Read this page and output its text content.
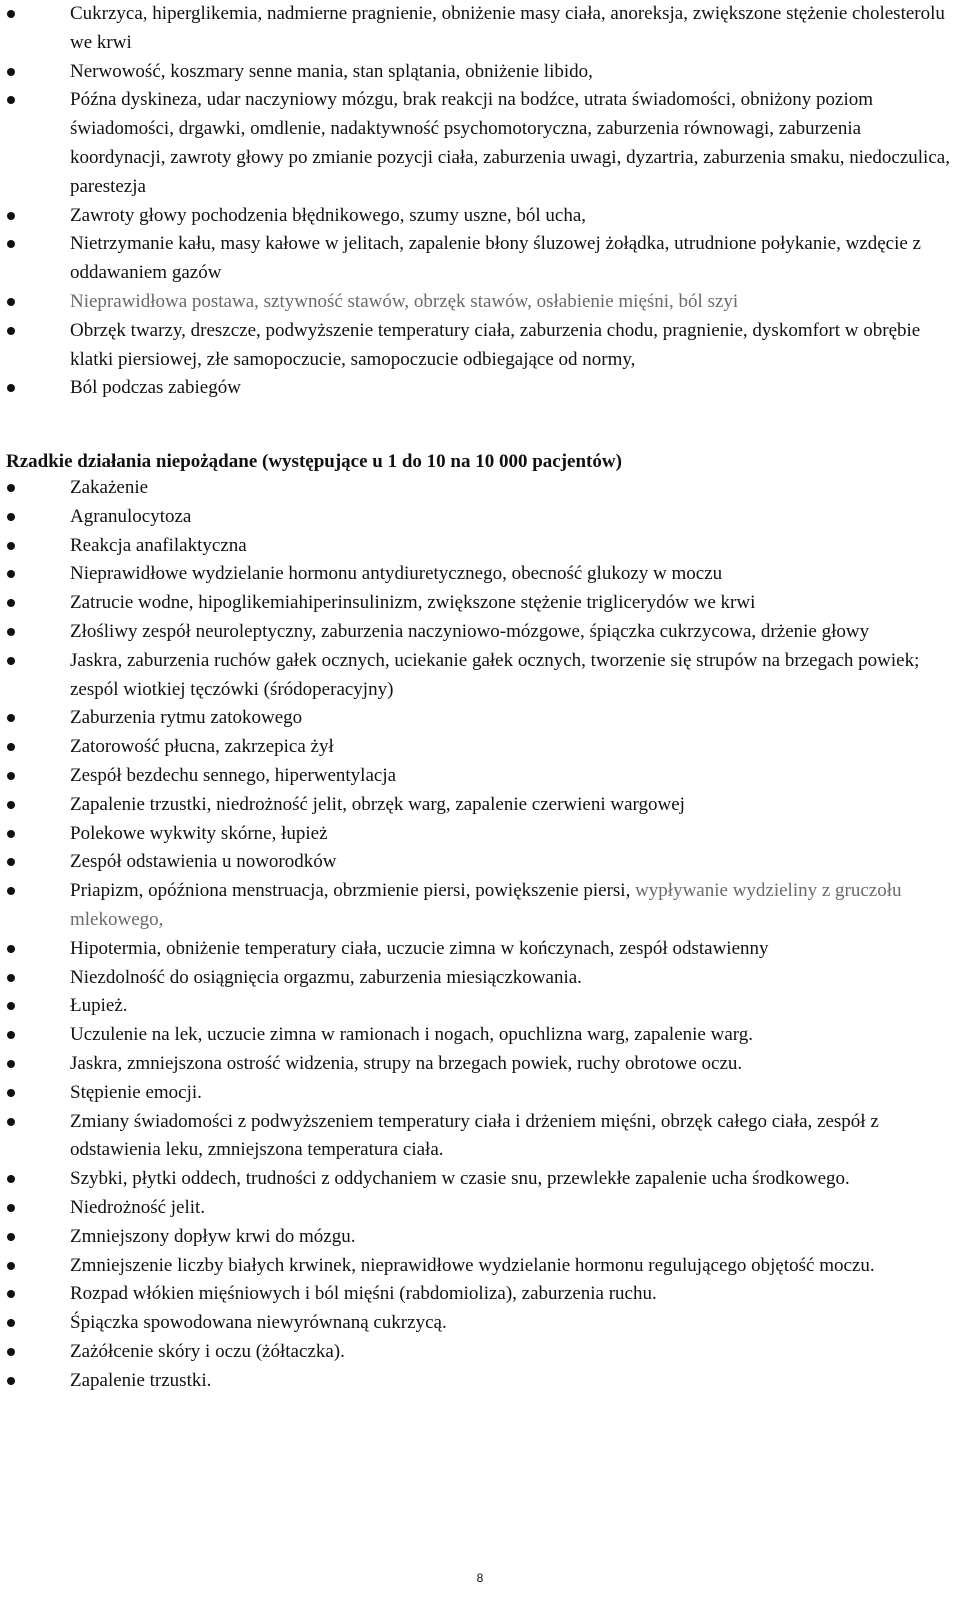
Cukrzyca, hiperglikemia, nadmierne pragnienie, obniżenie masy ciała, anoreksja, zwiększone stężenie cholesterolu we krwi
Nerwowość, koszmary senne mania, stan splątania, obniżenie libido,
Późna dyskineza, udar naczyniowy mózgu, brak reakcji na bodźce, utrata świadomości, obniżony poziom świadomości, drgawki, omdlenie, nadaktywność psychomotoryczna, zaburzenia równowagi, zaburzenia koordynacji, zawroty głowy po zmianie pozycji ciała, zaburzenia uwagi, dyzartria, zaburzenia smaku, niedoczulica, parestezja
Zawroty głowy pochodzenia błędnikowego, szumy uszne, ból ucha,
Nietrzymanie kału, masy kałowe w jelitach, zapalenie błony śluzowej żołądka, utrudnione połykanie, wzdęcie z oddawaniem gazów
Nieprawidłowa postawa, sztywność stawów, obrzęk stawów, osłabienie mięśni, ból szyi
Obrzęk twarzy, dreszcze, podwyższenie temperatury ciała, zaburzenia chodu, pragnienie, dyskomfort w obrębie klatki piersiowej, złe samopoczucie, samopoczucie odbiegające od normy,
Ból podczas zabiegów
Rzadkie działania niepożądane (występujące u 1 do 10 na 10 000 pacjentów)
Zakażenie
Agranulocytoza
Reakcja anafilaktyczna
Nieprawidłowe wydzielanie hormonu antydiuretycznego, obecność glukozy w moczu
Zatrucie wodne, hipoglikemiahiperinsulinizm, zwiększone stężenie triglicerydów we krwi
Złośliwy zespół neuroleptyczny, zaburzenia naczyniowo-mózgowe, śpiączka cukrzycowa, drżenie głowy
Jaskra, zaburzenia ruchów gałek ocznych, uciekanie gałek ocznych, tworzenie się strupów na brzegach powiek; zespól wiotkiej tęczówki (śródoperacyjny)
Zaburzenia rytmu zatokowego
Zatorowość płucna, zakrzepica żył
Zespół bezdechu sennego, hiperwentylacja
Zapalenie trzustki, niedrożność jelit, obrzęk warg, zapalenie czerwieni wargowej
Polekowe wykwity skórne, łupież
Zespół odstawienia u noworodków
Priapizm, opóźniona menstruacja, obrzmienie piersi, powiększenie piersi, wypływanie wydzieliny z gruczołu mlekowego,
Hipotermia, obniżenie temperatury ciała, uczucie zimna w kończynach, zespół odstawienny
Niezdolność do osiągnięcia orgazmu, zaburzenia miesiączkowania.
Łupież.
Uczulenie na lek, uczucie zimna w ramionach i nogach, opuchlizna warg, zapalenie warg.
Jaskra, zmniejszona ostrość widzenia, strupy na brzegach powiek, ruchy obrotowe oczu.
Stępienie emocji.
Zmiany świadomości z podwyższeniem temperatury ciała i drżeniem mięśni, obrzęk całego ciała, zespół z odstawienia leku, zmniejszona temperatura ciała.
Szybki, płytki oddech, trudności z oddychaniem w czasie snu, przewlekłe zapalenie ucha środkowego.
Niedrożność jelit.
Zmniejszony dopływ krwi do mózgu.
Zmniejszenie liczby białych krwinek, nieprawidłowe wydzielanie hormonu regulującego objętość moczu.
Rozpad włókien mięśniowych i ból mięśni (rabdomioliza), zaburzenia ruchu.
Śpiączka spowodowana niewyrównaną cukrzycą.
Zażółcenie skóry i oczu (żółtaczka).
Zapalenie trzustki.
8
